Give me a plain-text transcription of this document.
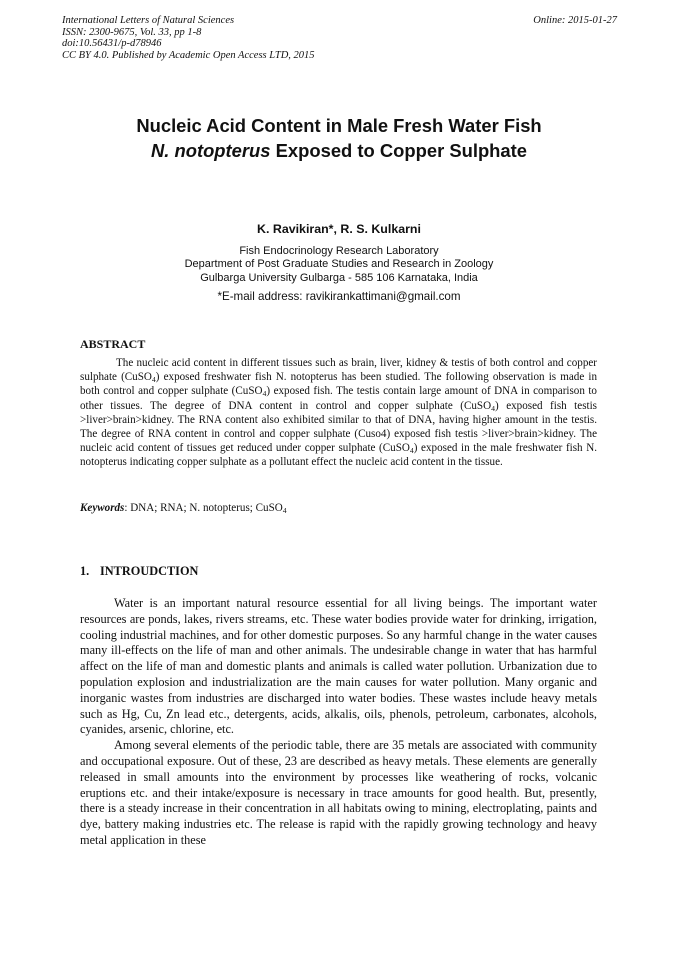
International Letters of Natural Sciences
ISSN: 2300-9675, Vol. 33, pp 1-8
doi:10.56431/p-d78946
CC BY 4.0. Published by Academic Open Access LTD, 2015
Online: 2015-01-27
Nucleic Acid Content in Male Fresh Water Fish
N. notopterus Exposed to Copper Sulphate
K. Ravikiran*, R. S. Kulkarni
Fish Endocrinology Research Laboratory
Department of Post Graduate Studies and Research in Zoology
Gulbarga University Gulbarga - 585 106 Karnataka, India
*E-mail address: ravikirankattimani@gmail.com
ABSTRACT

The nucleic acid content in different tissues such as brain, liver, kidney & testis of both control and copper sulphate (CuSO$_4$) exposed freshwater fish N. notopterus has been studied. The following observation is made in both control and copper sulphate (CuSO$_4$) exposed fish. The testis contain large amount of DNA in comparison to other tissues. The degree of DNA content in control and copper sulphate (CuSO$_4$) exposed fish testis >liver>brain>kidney. The RNA content also exhibited similar to that of DNA, having higher amount in the testis. The degree of RNA content in control and copper sulphate (Cuso4) exposed fish testis >liver>brain>kidney. The nucleic acid content of tissues get reduced under copper sulphate (CuSO$_4$) exposed in the male freshwater fish N. notopterus indicating copper sulphate as a pollutant effect the nucleic acid content in the tissue.

Keywords: DNA; RNA; N. notopterus; CuSO$_4$
1. INTROUDCTION

Water is an important natural resource essential for all living beings. The important water resources are ponds, lakes, rivers streams, etc. These water bodies provide water for drinking, irrigation, cooling industrial machines, and for other domestic purposes. So any harmful change in the water causes many ill-effects on the life of man and other animals. The undesirable change in water that has harmful affect on the life of man and domestic plants and animals is called water pollution. Urbanization due to population explosion and industrialization are the main causes for water pollution. Many organic and inorganic wastes from industries are discharged into water bodies. These wastes include heavy metals such as Hg, Cu, Zn lead etc., detergents, acids, alkalis, oils, phenols, petroleum, carbonates, alcohols, cyanides, arsenic, chlorine, etc.

Among several elements of the periodic table, there are 35 metals are associated with community and occupational exposure. Out of these, 23 are described as heavy metals. These elements are generally released in small amounts into the environment by processes like weathering of rocks, volcanic eruptions etc. and their intake/exposure is necessary in trace amounts for good health. But, presently, there is a steady increase in their concentration in all habitats owing to mining, electroplating, paints and dye, battery making industries etc. The release is rapid with the rapidly growing technology and heavy metal application in these
